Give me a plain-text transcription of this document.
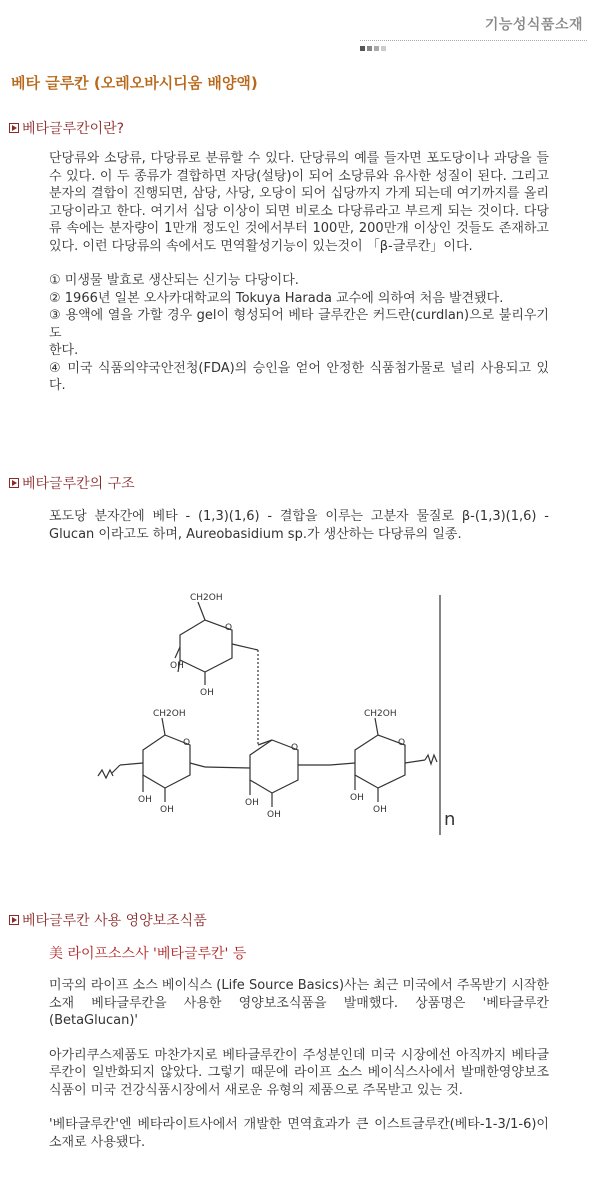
기능성식품소재
베타 글루칸 (오레오바시디움 배양액)
베타글루칸이란?

단당류와 소당류, 다당류로 분류할 수 있다. 단당류의 예를 들자면 포도당이나 과당을 들 수 있다. 이 두 종류가 결합하면 자당(설탕)이 되어 소당류와 유사한 성질이 된다. 그리고 분자의 결합이 진행되면, 삼당, 사당, 오당이 되어 십당까지 가게 되는데 여기까지를 올리고당이라고 한다. 여기서 십당 이상이 되면 비로소 다당류라고 부르게 되는 것이다. 다당류 속에는 분자량이 1만개 정도인 것에서부터 100만, 200만개 이상인 것들도 존재하고 있다. 이런 다당류의 속에서도 면역활성기능이 있는것이 「β-글루칸」이다.

① 미생물 발효로 생산되는 신기능 다당이다.

② 1966년 일본 오사카대학교의 Tokuya Harada 교수에 의하여 처음 발견됐다.

③ 용액에 열을 가할 경우 gel이 형성되어 베타 글루칸은 커드란(curdlan)으로 불리우기도

한다.

④ 미국 식품의약국안전청(FDA)의 승인을 얻어 안정한 식품첨가물로 널리 사용되고 있다.

베타글루칸의 구조

포도당 분자간에 베타 - (1,3)(1,6) - 결합을 이루는 고분자 물질로 β-(1,3)(1,6) - Glucan 이라고도 하며, Aureobasidium sp.가 생산하는 다당류의 일종.

CH2OH
O
OH
OH
CH2OH
O
OH
OH
O
OH
OH
CH2OH
O
OH
OH	n
베타글루칸 사용 영양보조식품
美 라이프소스사 '베타글루칸' 등

미국의 라이프 소스 베이식스 (Life Source Basics)사는 최근 미국에서 주목받기 시작한 소재 베타글루칸을 사용한 영양보조식품을 발매했다. 상품명은 '베타글루칸(BetaGlucan)'

아가리쿠스제품도 마찬가지로 베타글루칸이 주성분인데 미국 시장에선 아직까지 베타글루칸이 일반화되지 않았다. 그렇기 때문에 라이프 소스 베이식스사에서 발매한영양보조식품이 미국 건강식품시장에서 새로운 유형의 제품으로 주목받고 있는 것.

'베타글루칸'엔 베타라이트사에서 개발한 면역효과가 큰 이스트글루칸(베타-1-3/1-6)이 소재로 사용됐다.
